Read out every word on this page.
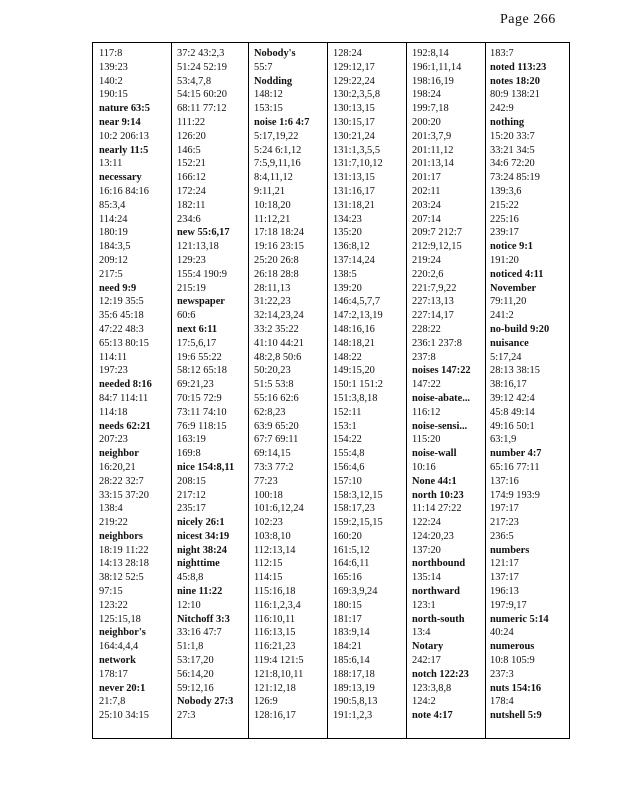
Page 266
117:8
139:23
140:2
190:15
nature 63:5
near 9:14
10:2 206:13
nearly 11:5
13:11
necessary
16:16 84:16
85:3,4
114:24
180:19
184:3,5
209:12
217:5
need 9:9
12:19 35:5
35:6 45:18
47:22 48:3
65:13 80:15
114:11
197:23
needed 8:16
84:7 114:11
114:18
needs 62:21
207:23
neighbor
16:20,21
28:22 32:7
33:15 37:20
138:4
219:22
neighbors
18:19 11:22
14:13 28:18
38:12 52:5
97:15
123:22
125:15,18
neighbor's
164:4,4,4
network
178:17
never 20:1
21:7,8
25:10 34:15
37:2 43:2,3
51:24 52:19
53:4,7,8
54:15 60:20
68:11 77:12
111:22
126:20
146:5
152:21
166:12
172:24
182:11
234:6
new 55:6,17
121:13,18
129:23
155:4 190:9
215:19
newspaper
60:6
next 6:11
17:5,6,17
19:6 55:22
58:12 65:18
69:21,23
70:15 72:9
73:11 74:10
76:9 118:15
163:19
169:8
nice 154:8,11
208:15
217:12
235:17
nicely 26:1
nicest 34:19
night 38:24
nighttime
45:8,8
nine 11:22
12:10
Nitchoff 3:3
33:16 47:7
51:1,8
53:17,20
56:14,20
59:12,16
Nobody 27:3
27:3
Nobody's
55:7
Nodding
148:12
153:15
noise 1:6 4:7
5:17,19,22
5:24 6:1,12
7:5,9,11,16
8:4,11,12
9:11,21
10:18,20
11:12,21
17:18 18:24
19:16 23:15
25:20 26:8
26:18 28:8
28:11,13
31:22,23
32:14,23,24
33:2 35:22
41:10 44:21
48:2,8 50:6
50:20,23
51:5 53:8
55:16 62:6
62:8,23
63:9 65:20
67:7 69:11
69:14,15
73:3 77:2
77:23
100:18
101:6,12,24
102:23
103:8,10
112:13,14
112:15
114:15
115:16,18
116:1,2,3,4
116:10,11
116:13,15
116:21,23
119:4 121:5
121:8,10,11
121:12,18
126:9
128:16,17
128:24
129:12,17
129:22,24
130:2,3,5,8
130:13,15
130:15,17
130:21,24
131:1,3,5,5
131:7,10,12
131:13,15
131:16,17
131:18,21
134:23
135:20
136:8,12
137:14,24
138:5
139:20
146:4,5,7,7
147:2,13,19
148:16,16
148:18,21
148:22
149:15,20
150:1 151:2
151:3,8,18
152:11
153:1
154:22
155:4,8
156:4,6
157:10
158:3,12,15
158:17,23
159:2,15,15
160:20
161:5,12
164:6,11
165:16
169:3,9,24
180:15
181:17
183:9,14
184:21
185:6,14
188:17,18
189:13,19
190:5,8,13
191:1,2,3
192:8,14
196:1,11,14
198:16,19
198:24
199:7,18
200:20
201:3,7,9
201:11,12
201:13,14
201:17
202:11
203:24
207:14
209:7 212:7
212:9,12,15
219:24
220:2,6
221:7,9,22
227:13,13
227:14,17
228:22
236:1 237:8
237:8
noises 147:22
147:22
noise-abate...
116:12
noise-sensi...
115:20
noise-wall
10:16
None 44:1
north 10:23
11:14 27:22
122:24
124:20,23
137:20
northbound
135:14
northward
123:1
north-south
13:4
Notary
242:17
notch 122:23
123:3,8,8
124:2
note 4:17
183:7
noted 113:23
notes 18:20
80:9 138:21
242:9
nothing
15:20 33:7
33:21 34:5
34:6 72:20
73:24 85:19
139:3,6
215:22
225:16
239:17
notice 9:1
191:20
noticed 4:11
November
79:11,20
241:2
no-build 9:20
nuisance
5:17,24
28:13 38:15
38:16,17
39:12 42:4
45:8 49:14
49:16 50:1
63:1,9
number 4:7
65:16 77:11
137:16
174:9 193:9
197:17
217:23
236:5
numbers
121:17
137:17
196:13
197:9,17
numeric 5:14
40:24
numerous
10:8 105:9
237:3
nuts 154:16
178:4
nutshell 5:9
